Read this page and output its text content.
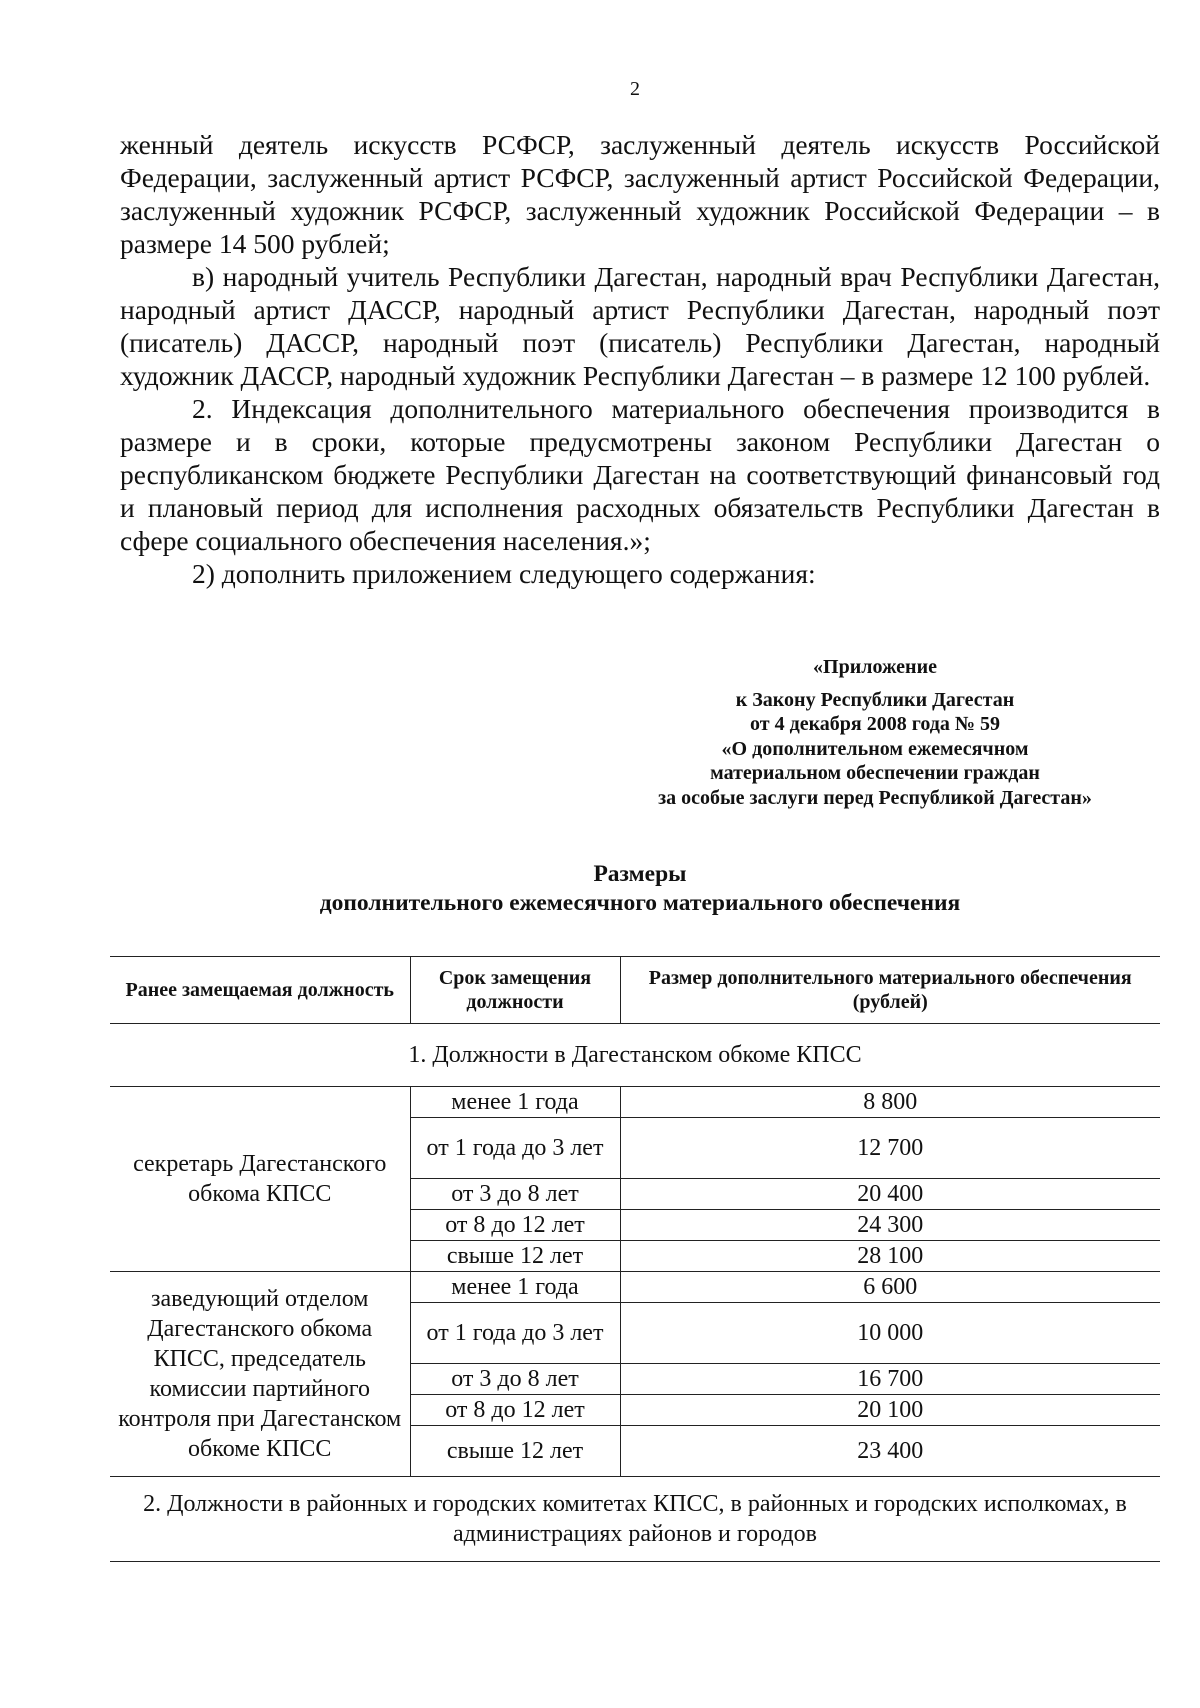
2

женный деятель искусств РСФСР, заслуженный деятель искусств Российской Федерации, заслуженный артист РСФСР, заслуженный артист Российской Федерации, заслуженный художник РСФСР, заслуженный художник Российской Федерации – в размере 14 500 рублей;

в) народный учитель Республики Дагестан, народный врач Республики Дагестан, народный артист ДАССР, народный артист Республики Дагестан, народный поэт (писатель) ДАССР, народный поэт (писатель) Республики Дагестан, народный художник ДАССР, народный художник Республики Дагестан – в размере 12 100 рублей.

2. Индексация дополнительного материального обеспечения производится в размере и в сроки, которые предусмотрены законом Республики Дагестан о республиканском бюджете Республики Дагестан на соответствующий финансовый год и плановый период для исполнения расходных обязательств Республики Дагестан в сфере социального обеспечения населения.»;

2) дополнить приложением следующего содержания:

«Приложение
к Закону Республики Дагестан
от 4 декабря 2008 года № 59
«О дополнительном ежемесячном
материальном обеспечении граждан
за особые заслуги перед Республикой Дагестан»
Размеры
дополнительного ежемесячного материального обеспечения
Ранее замещаемая должность	Срок замещения должности	Размер дополнительного материального обеспечения (рублей)
1. Должности в Дагестанском обкоме КПСС		
секретарь Дагестанского обкома КПСС	менее 1 года	8 800
	от 1 года до 3 лет	12 700
	от 3 до 8 лет	20 400
	от 8 до 12 лет	24 300
	свыше 12 лет	28 100
заведующий отделом Дагестанского обкома КПСС, председатель комиссии партийного контроля при Дагестанском обкоме КПСС	менее 1 года	6 600
	от 1 года до 3 лет	10 000
	от 3 до 8 лет	16 700
	от 8 до 12 лет	20 100
	свыше 12 лет	23 400
2. Должности в районных и городских комитетах КПСС, в районных и городских исполкомах, в администрациях районов и городов		
